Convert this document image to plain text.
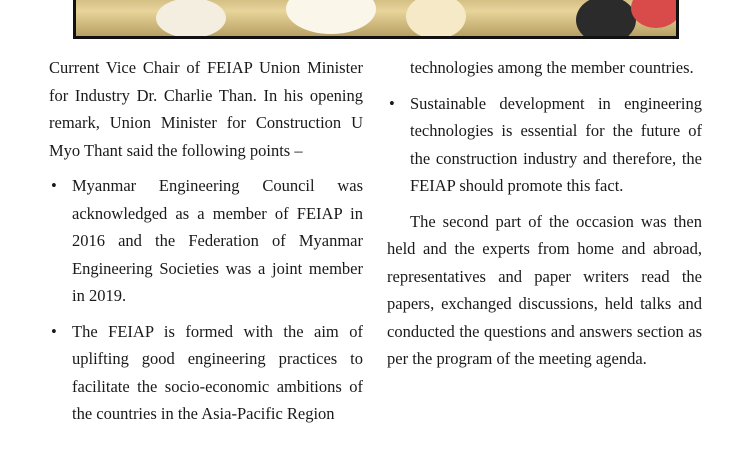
Current Vice Chair of FEIAP Union Minister for Industry Dr. Charlie Than. In his opening remark, Union Minister for Construction U Myo Thant said the following points –

• Myanmar Engineering Council was acknowledged as a member of FEIAP in 2016 and the Federation of Myanmar Engineering Societies was a joint member in 2019.
• The FEIAP is formed with the aim of uplifting good engineering practices to facilitate the socio-economic ambitions of the countries in the Asia-Pacific Region
technologies among the member countries.
• Sustainable development in engineering technologies is essential for the future of the construction industry and therefore, the FEIAP should promote this fact.

The second part of the occasion was then held and the experts from home and abroad, representatives and paper writers read the papers, exchanged discussions, held talks and conducted the questions and answers section as per the program of the meeting agenda.
